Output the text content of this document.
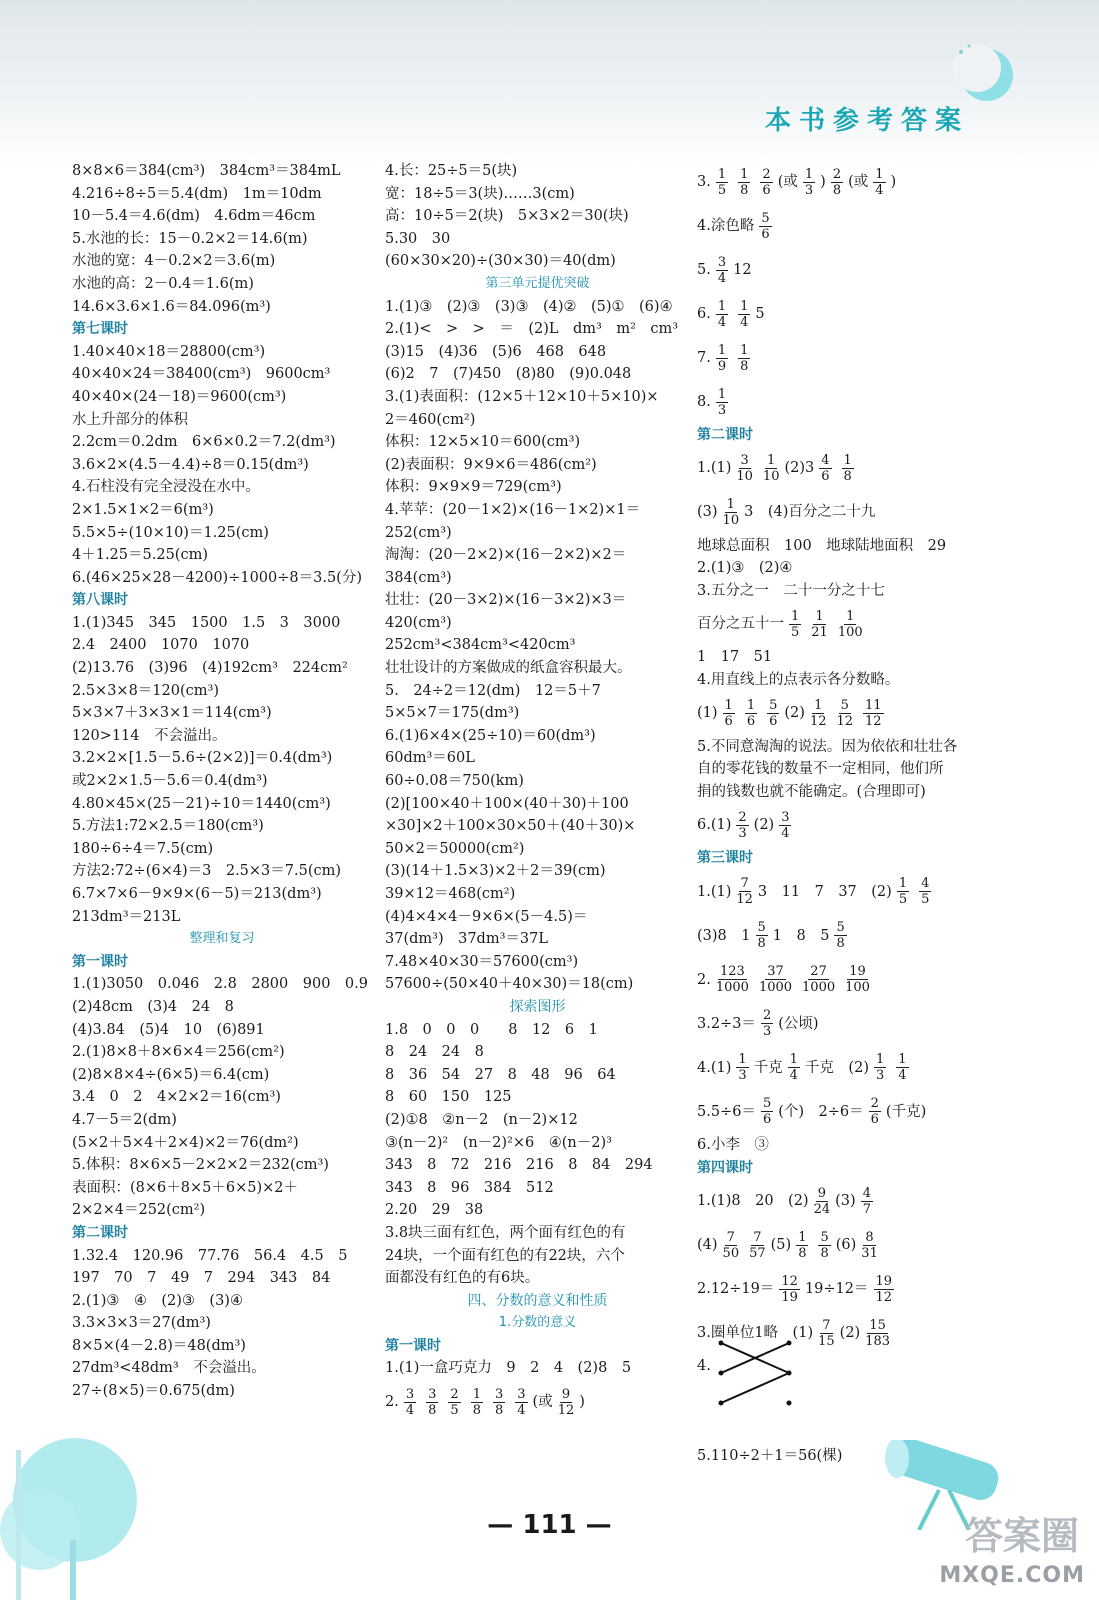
本书参考答案
8×8×6＝384(cm³)　384cm³＝384mL
4.216÷8÷5＝5.4(dm)　1m＝10dm
10－5.4＝4.6(dm)　4.6dm＝46cm
5.水池的长：15－0.2×2＝14.6(m)
水池的宽：4－0.2×2＝3.6(m)
水池的高：2－0.4＝1.6(m)
14.6×3.6×1.6＝84.096(m³)
第七课时
1.40×40×18＝28800(cm³)
40×40×24＝38400(cm³)　9600cm³
40×40×(24－18)＝9600(cm³)
水上升部分的体积
2.2cm＝0.2dm　6×6×0.2＝7.2(dm³)
3.6×2×(4.5－4.4)÷8＝0.15(dm³)
4.石柱没有完全浸没在水中。
2×1.5×1×2＝6(m³)
5.5×5÷(10×10)＝1.25(cm)
4＋1.25＝5.25(cm)
6.(46×25×28－4200)÷1000÷8＝3.5(分)
第八课时
1.(1)345　345　1500　1.5　3　3000
2.4　2400　1070　1070
(2)13.76　(3)96　(4)192cm³　224cm²
2.5×3×8＝120(cm³)
5×3×7＋3×3×1＝114(cm³)
120>114　不会溢出。
3.2×2×[1.5－5.6÷(2×2)]＝0.4(dm³)
或2×2×1.5－5.6＝0.4(dm³)
4.80×45×(25－21)÷10＝1440(cm³)
5.方法1:72×2.5＝180(cm³)
180÷6÷4＝7.5(cm)
方法2:72÷(6×4)＝3　2.5×3＝7.5(cm)
6.7×7×6－9×9×(6－5)＝213(dm³)
213dm³＝213L
整理和复习
第一课时
1.(1)3050　0.046　2.8　2800　900　0.9
(2)48cm　(3)4　24　8
(4)3.84　(5)4　10　(6)891
2.(1)8×8＋8×6×4＝256(cm²)
(2)8×8×4÷(6×5)＝6.4(cm)
3.4　0　2　4×2×2＝16(cm³)
4.7－5＝2(dm)
(5×2＋5×4＋2×4)×2＝76(dm²)
5.体积：8×6×5－2×2×2＝232(cm³)
表面积：(8×6＋8×5＋6×5)×2＋
2×2×4＝252(cm²)
第二课时
1.32.4　120.96　77.76　56.4　4.5　5
197　70　7　49　7　294　343　84
2.(1)③　④　(2)③　(3)④
3.3×3×3＝27(dm³)
8×5×(4－2.8)＝48(dm³)
27dm³<48dm³　不会溢出。
27÷(8×5)＝0.675(dm)
4.长：25÷5＝5(块)
宽：18÷5＝3(块)……3(cm)
高：10÷5＝2(块)　5×3×2＝30(块)
5.30　30
(60×30×20)÷(30×30)＝40(dm)
第三单元提优突破
1.(1)③　(2)③　(3)③　(4)②　(5)①　(6)④
2.(1)<　>　>　＝　(2)L　dm³　m²　cm³
(3)15　(4)36　(5)6　468　648
(6)2　7　(7)450　(8)80　(9)0.048
3.(1)表面积：(12×5＋12×10＋5×10)×
2＝460(cm²)
体积：12×5×10＝600(cm³)
(2)表面积：9×9×6＝486(cm²)
体积：9×9×9＝729(cm³)
4.苹苹：(20－1×2)×(16－1×2)×1＝
252(cm³)
淘淘：(20－2×2)×(16－2×2)×2＝
384(cm³)
壮壮：(20－3×2)×(16－3×2)×3＝
420(cm³)
252cm³<384cm³<420cm³
壮壮设计的方案做成的纸盒容积最大。
5.　24÷2＝12(dm)　12＝5＋7
5×5×7＝175(dm³)
6.(1)6×4×(25÷10)＝60(dm³)
60dm³＝60L
60÷0.08＝750(km)
(2)[100×40＋100×(40＋30)＋100
×30]×2＋100×30×50＋(40＋30)×
50×2＝50000(cm²)
(3)(14＋1.5×3)×2＋2＝39(cm)
39×12＝468(cm²)
(4)4×4×4－9×6×(5－4.5)＝
37(dm³)　37dm³＝37L
7.48×40×30＝57600(cm³)
57600÷(50×40＋40×30)＝18(cm)
探索图形
1.8　0　0　0　　8　12　6　1
8　24　24　8
8　36　54　27　8　48　96　64
8　60　150　125
(2)①8　②n－2　(n－2)×12
③(n－2)²　(n－2)²×6　④(n－2)³
343　8　72　216　216　8　84　294
343　8　96　384　512
2.20　29　38
3.8块三面有红色，两个面有红色的有
24块，一个面有红色的有22块，六个
面都没有红色的有6块。
四、分数的意义和性质
1.分数的意义
第一课时
1.(1)一盒巧克力　9　2　4　(2)8　5
2. $\frac{3}{4} \frac{3}{8} \frac{2}{5} \frac{1}{8} \frac{3}{8} \frac{3}{4}$ (或 $\frac{9}{12}$ )
3. $\frac{1}{5} \frac{1}{8} \frac{2}{6}$ (或 $\frac{1}{3}$ ) $\frac{2}{8}$ (或 $\frac{1}{4}$ )
4.涂色略 $\frac{5}{6}$
5. $\frac{3}{4} 12$
6. $\frac{1}{4} \frac{1}{4} 5$
7. $\frac{1}{9} \frac{1}{8}$
8. $\frac{1}{3}$
第二课时
$1.(1) \frac{3}{10} \frac{1}{10} (2)3 \frac{4}{6} \frac{1}{8}$
$(3) \frac{1}{10} 3$　(4)百分之二十九
地球总面积　100　地球陆地面积　29
2.(1)③　(2)④
3.五分之一　二十一分之十七
百分之五十一 $\frac{1}{5} \frac{1}{21} \frac{1}{100}$
1　17　51
4.用直线上的点表示各分数略。
$(1) \frac{1}{6} \frac{1}{6} \frac{5}{6} (2) \frac{1}{12} \frac{5}{12} \frac{11}{12}$
5.不同意淘淘的说法。因为依依和壮壮各
自的零花钱的数量不一定相同，他们所
捐的钱数也就不能确定。(合理即可)
$6.(1) \frac{2}{3} (2) \frac{3}{4}$
第三课时
$1.(1) \frac{7}{12} 3$　11　7　37　$(2) \frac{1}{5} \frac{4}{5}$
(3)8　$1 \frac{5}{8} 1$　8　$5 \frac{5}{8}$
2. $\frac{123}{1000} \frac{37}{1000} \frac{27}{1000} \frac{19}{100}$
$3.2\div 3= \frac{2}{3}$ (公顷)
$4.(1) \frac{1}{3}$ 千克 $\frac{1}{4}$ 千克　$(2) \frac{1}{3} \frac{1}{4}$
$5.5\div 6= \frac{5}{6}$ (个)　$2\div 6= \frac{2}{6}$ (千克)
6.小李　③
第四课时
1.(1)8　20　$(2) \frac{9}{24} (3) \frac{4}{7}$
$(4) \frac{7}{50} \frac{7}{57} (5) \frac{1}{8} \frac{5}{8} (6) \frac{8}{31}$
$2.12\div 19= \frac{12}{19} 19\div 12= \frac{19}{12}$
3.圈单位1略　$(1) \frac{7}{15} (2) \frac{15}{183}$
4.
5.110÷2＋1＝56(棵)
答案圈
MXQE.COM
— 111 —
